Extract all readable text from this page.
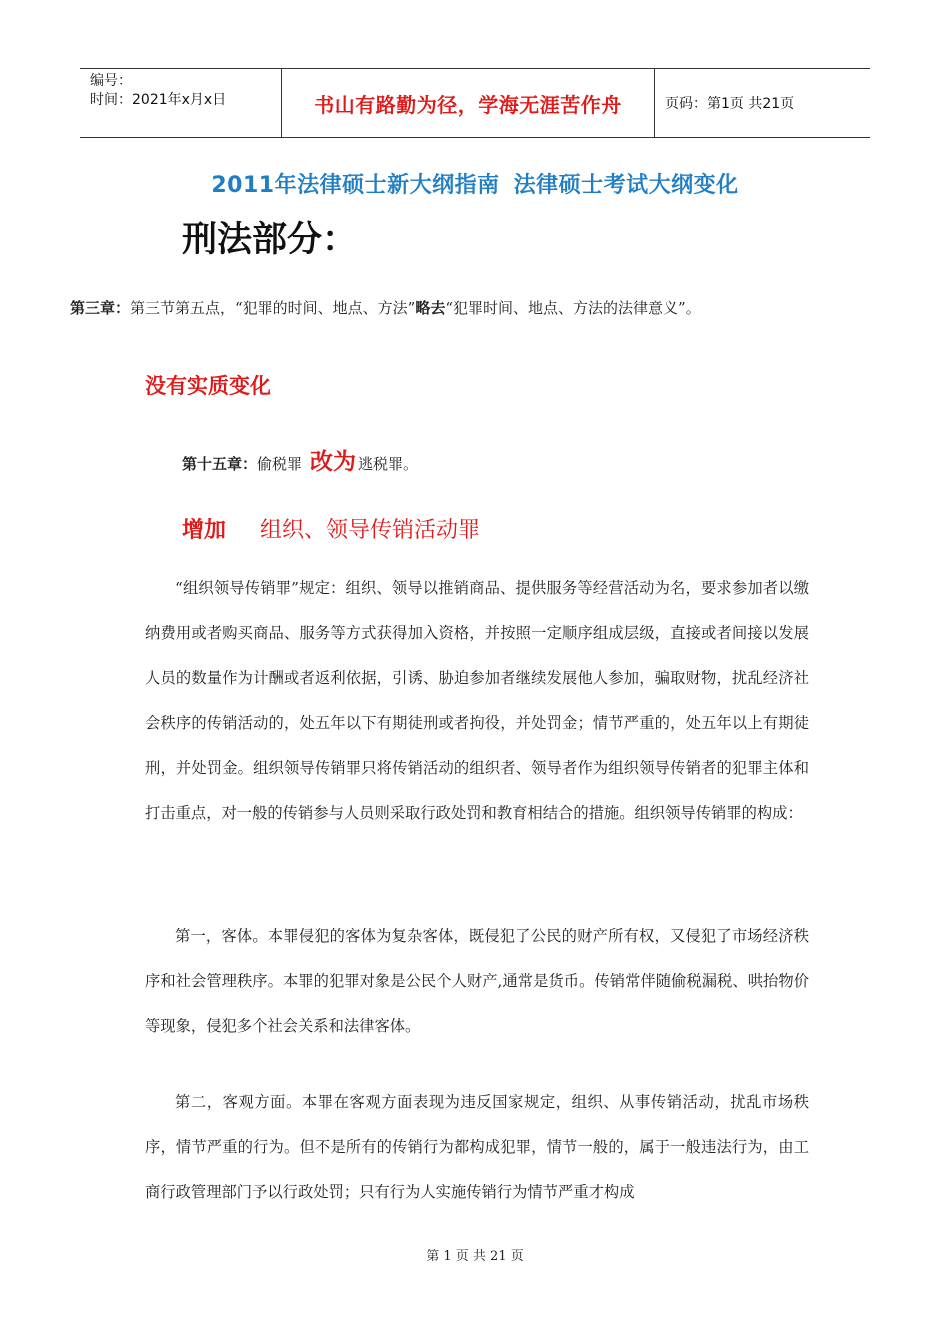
编号：
时间：2021年x月x日	书山有路勤为径，学海无涯苦作舟	页码：第1页 共21页
2011年法律硕士新大纲指南 法律硕士考试大纲变化
刑法部分：
第三章：第三节第五点，“犯罪的时间、地点、方法”略去“犯罪时间、地点、方法的法律意义”。
没有实质变化
第十五章：偷税罪 改为 逃税罪。
增加 组织、领导传销活动罪

“组织领导传销罪”规定：组织、领导以推销商品、提供服务等经营活动为名，要求参加者以缴纳费用或者购买商品、服务等方式获得加入资格，并按照一定顺序组成层级，直接或者间接以发展人员的数量作为计酬或者返利依据，引诱、胁迫参加者继续发展他人参加，骗取财物，扰乱经济社会秩序的传销活动的，处五年以下有期徒刑或者拘役，并处罚金；情节严重的，处五年以上有期徒刑，并处罚金。组织领导传销罪只将传销活动的组织者、领导者作为组织领导传销者的犯罪主体和打击重点，对一般的传销参与人员则采取行政处罚和教育相结合的措施。组织领导传销罪的构成：

第一，客体。本罪侵犯的客体为复杂客体，既侵犯了公民的财产所有权，又侵犯了市场经济秩序和社会管理秩序。本罪的犯罪对象是公民个人财产,通常是货币。传销常伴随偷税漏税、哄抬物价等现象，侵犯多个社会关系和法律客体。

第二，客观方面。本罪在客观方面表现为违反国家规定，组织、从事传销活动，扰乱市场秩序，情节严重的行为。但不是所有的传销行为都构成犯罪，情节一般的，属于一般违法行为，由工商行政管理部门予以行政处罚；只有行为人实施传销行为情节严重才构成

第 1 页 共 21 页
